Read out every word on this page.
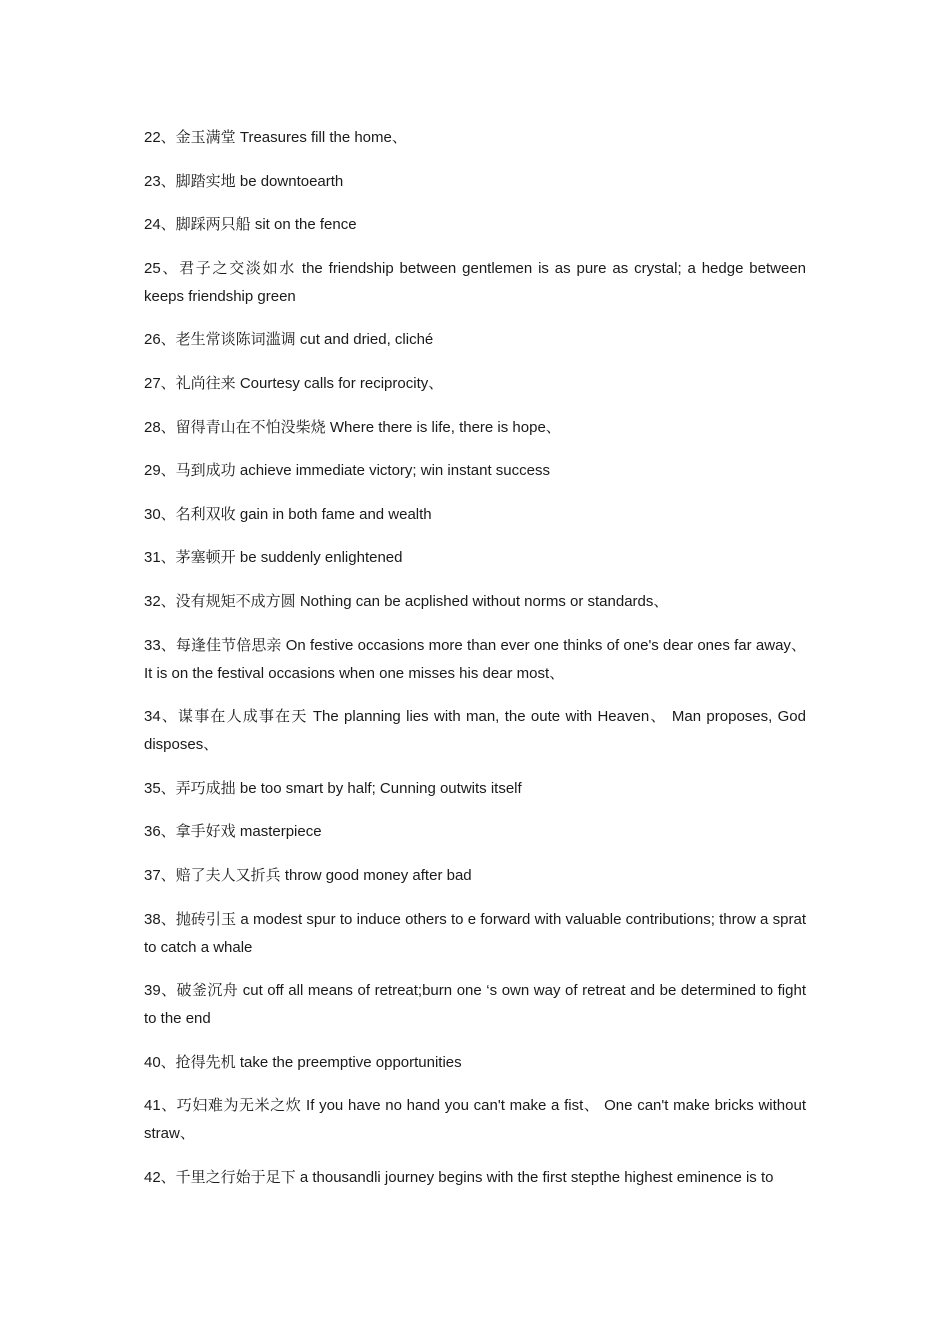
22、金玉满堂 Treasures fill the home、

23、脚踏实地 be downtoearth

24、脚踩两只船 sit on the fence

25、君子之交淡如水 the friendship between gentlemen is as pure as crystal; a hedge between keeps friendship green

26、老生常谈陈词滥调 cut and dried, cliché

27、礼尚往来 Courtesy calls for reciprocity、

28、留得青山在不怕没柴烧 Where there is life, there is hope、

29、马到成功 achieve immediate victory; win instant success

30、名利双收 gain in both fame and wealth

31、茅塞顿开 be suddenly enlightened

32、没有规矩不成方圆 Nothing can be acplished without norms or standards、

33、每逢佳节倍思亲 On festive occasions more than ever one thinks of one's dear ones far away、It is on the festival occasions when one misses his dear most、

34、谋事在人成事在天 The planning lies with man, the oute with Heaven、 Man proposes, God disposes、

35、弄巧成拙 be too smart by half; Cunning outwits itself

36、拿手好戏 masterpiece

37、赔了夫人又折兵 throw good money after bad

38、抛砖引玉 a modest spur to induce others to e forward with valuable contributions; throw a sprat to catch a whale

39、破釜沉舟 cut off all means of retreat;burn one ‘s own way of retreat and be determined to fight to the end

40、抢得先机 take the preemptive opportunities

41、巧妇难为无米之炊 If you have no hand you can't make a fist、 One can't make bricks without straw、

42、千里之行始于足下 a thousandli journey begins with the first stepthe highest eminence is to
